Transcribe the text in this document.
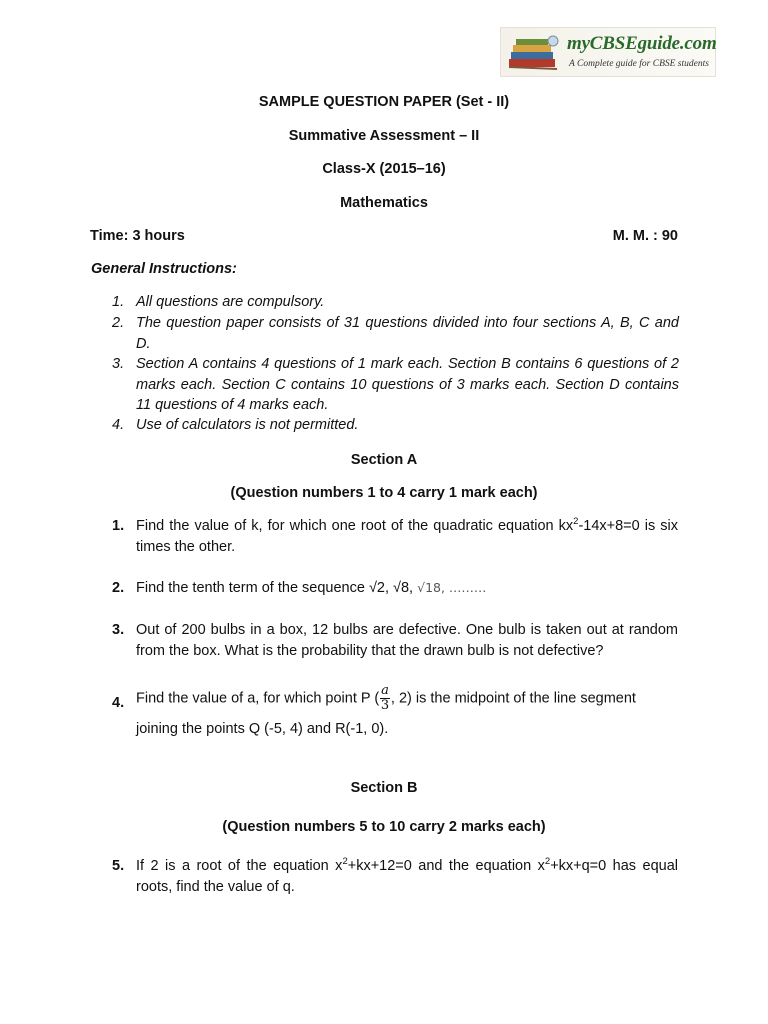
myCBSEguide.com
A Complete guide for CBSE students
SAMPLE QUESTION PAPER (Set - II)
Summative Assessment – II
Class-X (2015–16)
Mathematics
Time: 3 hours	M. M. : 90
General Instructions:
1. All questions are compulsory.
2. The question paper consists of 31 questions divided into four sections A, B, C and D.
3. Section A contains 4 questions of 1 mark each. Section B contains 6 questions of 2 marks each. Section C contains 10 questions of 3 marks each. Section D contains 11 questions of 4 marks each.
4. Use of calculators is not permitted.
Section A
(Question numbers 1 to 4 carry 1 mark each)
1. Find the value of k, for which one root of the quadratic equation $kx^2-14x+8=0$ is six times the other.
2. Find the tenth term of the sequence √2, √8, √18, ………
3. Out of 200 bulbs in a box, 12 bulbs are defective. One bulb is taken out at random from the box. What is the probability that the drawn bulb is not defective?
4. Find the value of a, for which point P ( $\frac{a}{3}$ , 2) is the midpoint of the line segment
joining the points Q (-5, 4) and R(-1, 0).
Section B
(Question numbers 5 to 10 carry 2 marks each)
5. If 2 is a root of the equation $x^2+kx+12=0$ and the equation $x^2+kx+q=0$ has equal roots, find the value of q.
